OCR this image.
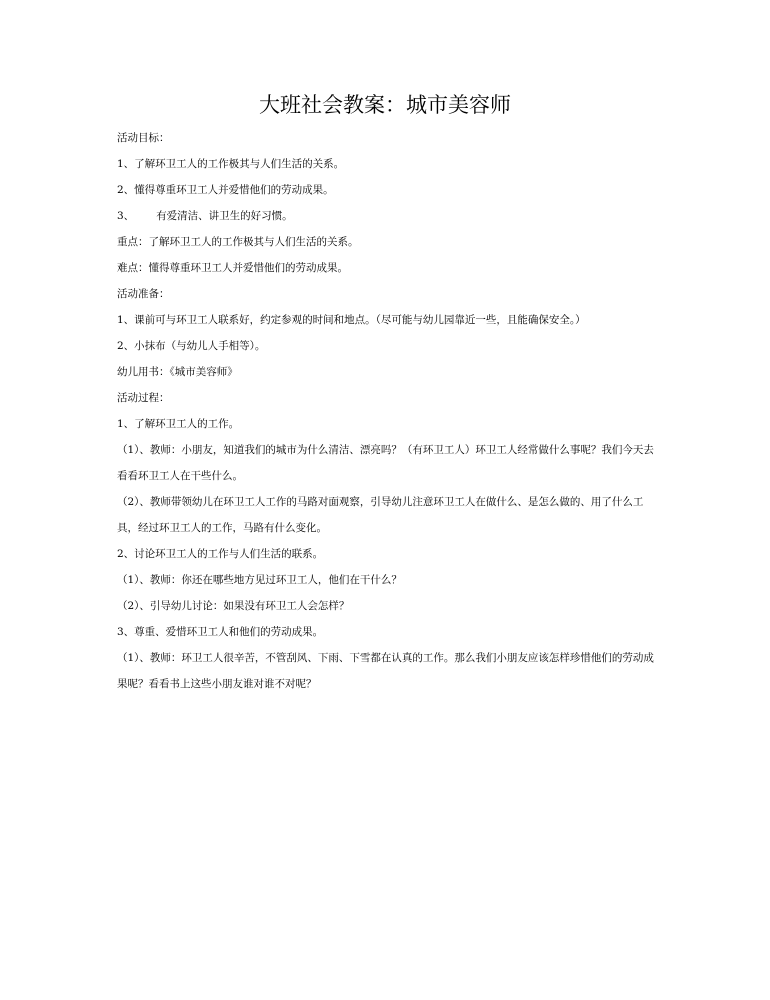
大班社会教案：城市美容师

活动目标：

1、了解环卫工人的工作极其与人们生活的关系。

2、懂得尊重环卫工人并爱惜他们的劳动成果。

3、 有爱清洁、讲卫生的好习惯。

重点：了解环卫工人的工作极其与人们生活的关系。

难点：懂得尊重环卫工人并爱惜他们的劳动成果。

活动准备：

1、课前可与环卫工人联系好，约定参观的时间和地点。（尽可能与幼儿园靠近一些，且能确保安全。）

2、小抹布（与幼儿人手相等）。

幼儿用书：《城市美容师》

活动过程：

1、了解环卫工人的工作。

（1）、教师：小朋友，知道我们的城市为什么清洁、漂亮吗？（有环卫工人）环卫工人经常做什么事呢？我们今天去看看环卫工人在干些什么。

（2）、教师带领幼儿在环卫工人工作的马路对面观察，引导幼儿注意环卫工人在做什么、是怎么做的、用了什么工具，经过环卫工人的工作，马路有什么变化。

2、讨论环卫工人的工作与人们生活的联系。

（1）、教师：你还在哪些地方见过环卫工人，他们在干什么？

（2）、引导幼儿讨论：如果没有环卫工人会怎样？

3、尊重、爱惜环卫工人和他们的劳动成果。

（1）、教师：环卫工人很辛苦，不管刮风、下雨、下雪都在认真的工作。那么我们小朋友应该怎样珍惜他们的劳动成果呢？看看书上这些小朋友谁对谁不对呢？
